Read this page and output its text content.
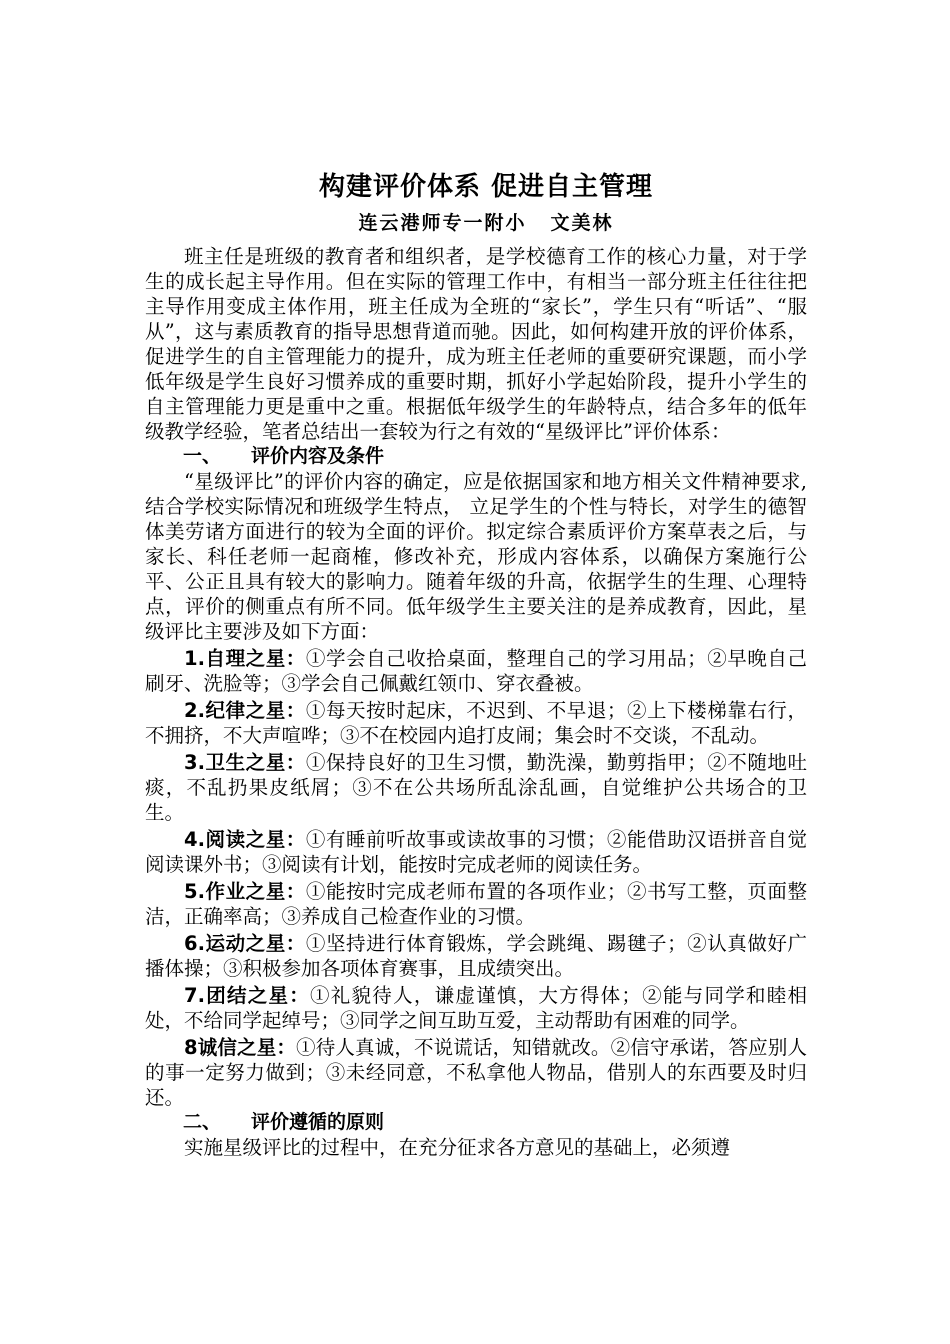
构建评价体系 促进自主管理
连云港师专一附小 文美林

班主任是班级的教育者和组织者，是学校德育工作的核心力量，对于学生的成长起主导作用。但在实际的管理工作中，有相当一部分班主任往往把主导作用变成主体作用，班主任成为全班的“家长”，学生只有“听话”、“服从”，这与素质教育的指导思想背道而驰。因此，如何构建开放的评价体系，促进学生的自主管理能力的提升，成为班主任老师的重要研究课题，而小学低年级是学生良好习惯养成的重要时期，抓好小学起始阶段，提升小学生的自主管理能力更是重中之重。根据低年级学生的年龄特点，结合多年的低年级教学经验，笔者总结出一套较为行之有效的“星级评比”评价体系：

一、 评价内容及条件

“星级评比”的评价内容的确定，应是依据国家和地方相关文件精神要求,结合学校实际情况和班级学生特点， 立足学生的个性与特长，对学生的德智体美劳诸方面进行的较为全面的评价。拟定综合素质评价方案草表之后，与家长、科任老师一起商榷，修改补充，形成内容体系，以确保方案施行公平、公正且具有较大的影响力。随着年级的升高，依据学生的生理、心理特点，评价的侧重点有所不同。低年级学生主要关注的是养成教育，因此，星级评比主要涉及如下方面：

1.自理之星：①学会自己收拾桌面，整理自己的学习用品；②早晚自己刷牙、洗脸等；③学会自己佩戴红领巾、穿衣叠被。

2.纪律之星：①每天按时起床，不迟到、不早退；②上下楼梯靠右行，不拥挤，不大声喧哗；③不在校园内追打皮闹；集会时不交谈，不乱动。

3.卫生之星：①保持良好的卫生习惯，勤洗澡，勤剪指甲；②不随地吐痰，不乱扔果皮纸屑；③不在公共场所乱涂乱画，自觉维护公共场合的卫生。

4.阅读之星：①有睡前听故事或读故事的习惯；②能借助汉语拼音自觉阅读课外书；③阅读有计划，能按时完成老师的阅读任务。

5.作业之星：①能按时完成老师布置的各项作业；②书写工整，页面整洁，正确率高；③养成自己检查作业的习惯。

6.运动之星：①坚持进行体育锻炼，学会跳绳、踢毽子；②认真做好广播体操；③积极参加各项体育赛事，且成绩突出。

7.团结之星：①礼貌待人，谦虚谨慎，大方得体；②能与同学和睦相处，不给同学起绰号；③同学之间互助互爱，主动帮助有困难的同学。

8诚信之星：①待人真诚，不说谎话，知错就改。②信守承诺，答应别人的事一定努力做到；③未经同意，不私拿他人物品，借别人的东西要及时归还。

二、 评价遵循的原则

实施星级评比的过程中，在充分征求各方意见的基础上，必须遵
